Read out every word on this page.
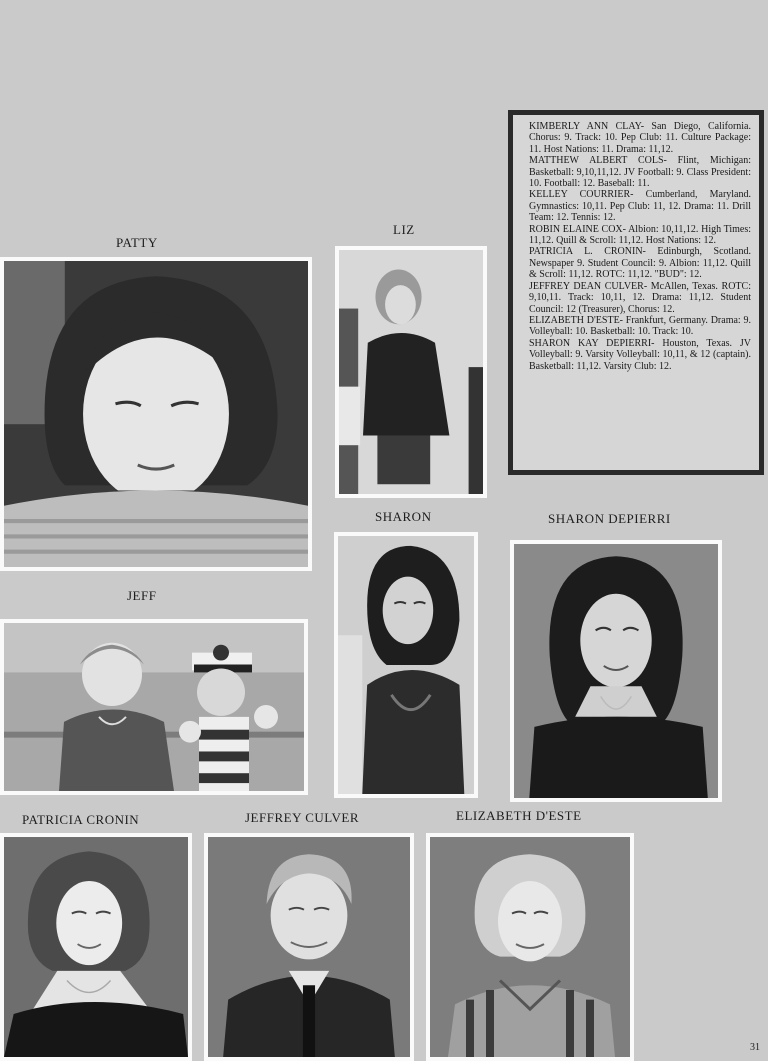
KIMBERLY ANN CLAY- San Diego, California. Chorus: 9. Track: 10. Pep Club: 11. Culture Package: 11. Host Nations: 11. Drama: 11,12.

MATTHEW ALBERT COLS- Flint, Michigan: Basketball: 9,10,11,12. JV Football: 9. Class President: 10. Football: 12. Baseball: 11.

KELLEY COURRIER- Cumberland, Maryland. Gymnastics: 10,11. Pep Club: 11, 12. Drama: 11. Drill Team: 12. Tennis: 12.

ROBIN ELAINE COX- Albion: 10,11,12. High Times: 11,12. Quill & Scroll: 11,12. Host Nations: 12.

PATRICIA L. CRONIN- Edinburgh, Scotland. Newspaper 9. Student Council: 9. Albion: 11,12. Quill & Scroll: 11,12. ROTC: 11,12. "BUD": 12.

JEFFREY DEAN CULVER- McAllen, Texas. ROTC: 9,10,11. Track: 10,11, 12. Drama: 11,12. Student Council: 12 (Treasurer), Chorus: 12.

ELIZABETH D'ESTE- Frankfurt, Germany. Drama: 9. Volleyball: 10. Basketball: 10. Track: 10.

SHARON KAY DEPIERRI- Houston, Texas. JV Volleyball: 9. Varsity Volleyball: 10,11, & 12 (captain). Basketball: 11,12. Varsity Club: 12.

PATTY
LIZ
SHARON	SHARON DEPIERRI
JEFF
PATRICIA CRONIN	JEFFREY CULVER	ELIZABETH D'ESTE
31
